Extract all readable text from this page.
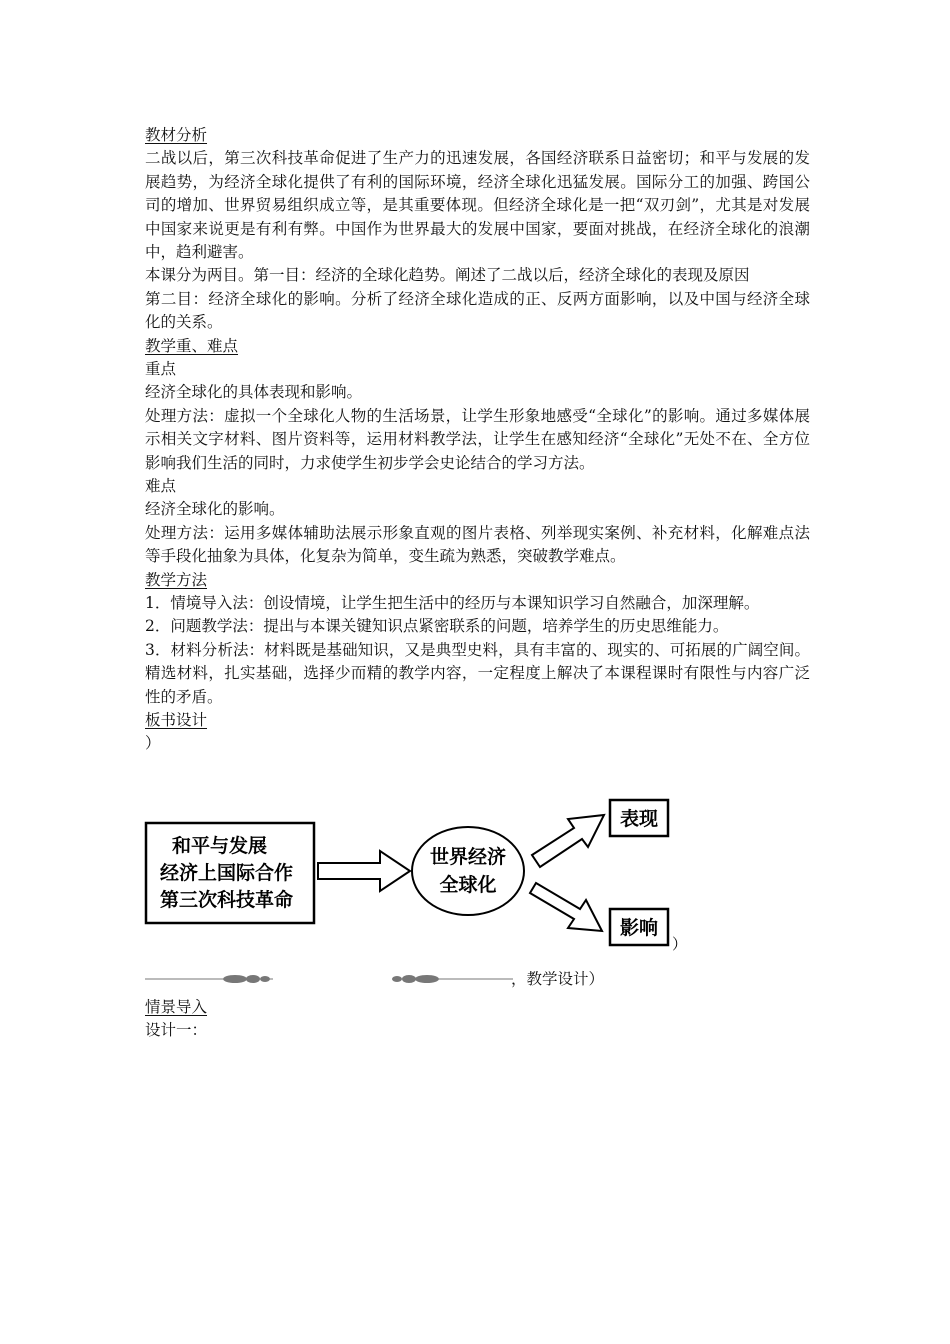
教材分析
二战以后，第三次科技革命促进了生产力的迅速发展，各国经济联系日益密切；和平与发展的发展趋势，为经济全球化提供了有利的国际环境，经济全球化迅猛发展。国际分工的加强、跨国公司的增加、世界贸易组织成立等，是其重要体现。但经济全球化是一把“双刃剑”，尤其是对发展中国家来说更是有利有弊。中国作为世界最大的发展中国家，要面对挑战，在经济全球化的浪潮中，趋利避害。
本课分为两目。第一目：经济的全球化趋势。阐述了二战以后，经济全球化的表现及原因
第二目：经济全球化的影响。分析了经济全球化造成的正、反两方面影响，以及中国与经济全球化的关系。
教学重、难点
重点
经济全球化的具体表现和影响。
处理方法：虚拟一个全球化人物的生活场景，让学生形象地感受“全球化”的影响。通过多媒体展示相关文字材料、图片资料等，运用材料教学法，让学生在感知经济“全球化”无处不在、全方位影响我们生活的同时，力求使学生初步学会史论结合的学习方法。
难点
经济全球化的影响。
处理方法：运用多媒体辅助法展示形象直观的图片表格、列举现实案例、补充材料，化解难点法等手段化抽象为具体，化复杂为简单，变生疏为熟悉，突破教学难点。
教学方法
1．情境导入法：创设情境，让学生把生活中的经历与本课知识学习自然融合，加深理解。
2．问题教学法：提出与本课关键知识点紧密联系的问题，培养学生的历史思维能力。
3．材料分析法：材料既是基础知识，又是典型史料，具有丰富的、现实的、可拓展的广阔空间。精选材料，扎实基础，选择少而精的教学内容，一定程度上解决了本课程课时有限性与内容广泛性的矛盾。
板书设计
）
和平与发展
经济上国际合作
第三次科技革命
世界经济
全球化
表现
影响
）
，教学设计）
情景导入
设计一：
